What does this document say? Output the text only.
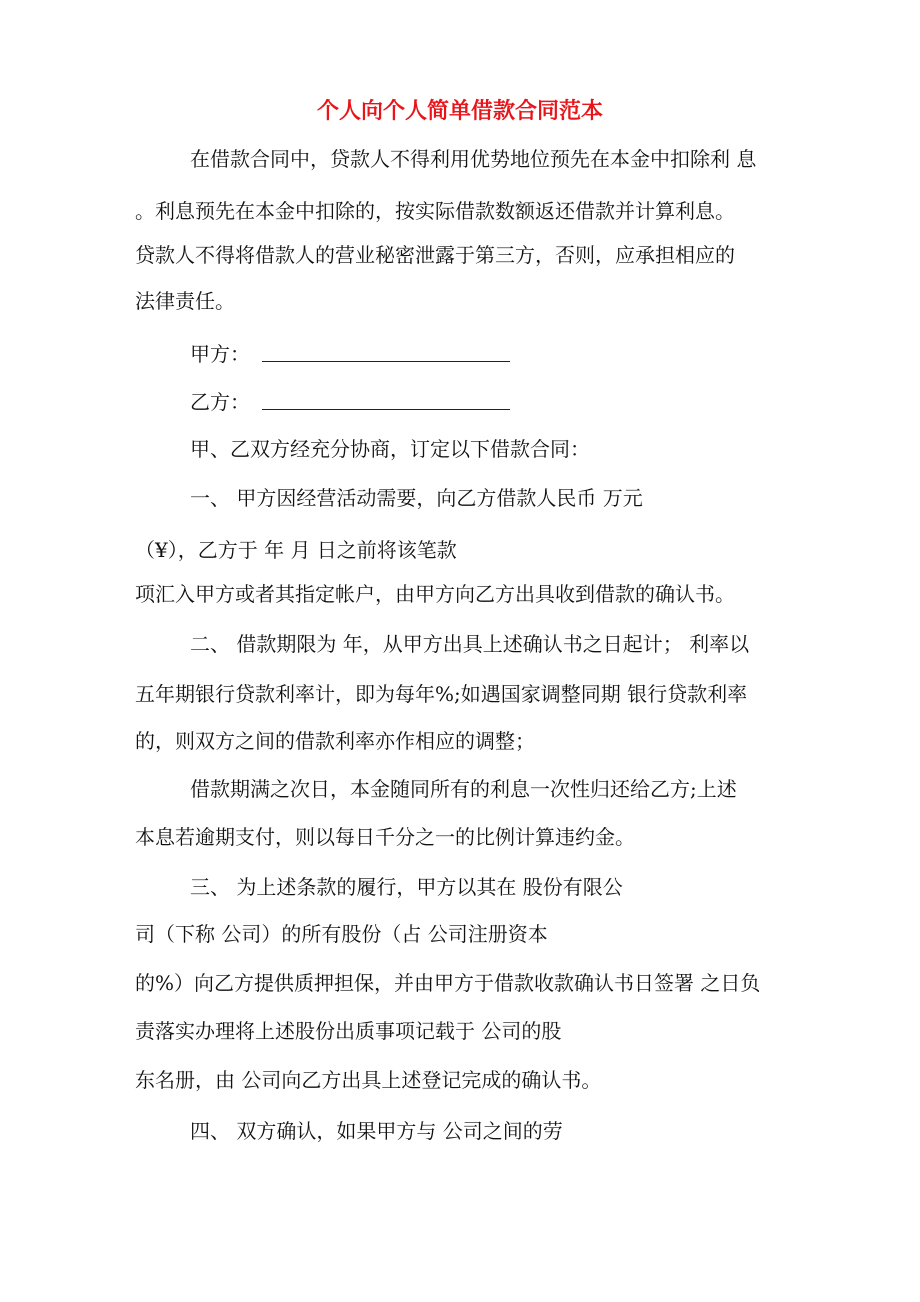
个人向个人简单借款合同范本

在借款合同中，贷款人不得利用优势地位预先在本金中扣除利 息

。利息预先在本金中扣除的，按实际借款数额返还借款并计算利息。

贷款人不得将借款人的营业秘密泄露于第三方，否则，应承担相应的

法律责任。

甲方：

乙方：

甲、乙双方经充分协商，订定以下借款合同：

一、 甲方因经营活动需要，向乙方借款人民币 万元

（¥），乙方于 年 月 日之前将该笔款

项汇入甲方或者其指定帐户，由甲方向乙方出具收到借款的确认书。

二、 借款期限为 年，从甲方出具上述确认书之日起计； 利率以

五年期银行贷款利率计，即为每年%;如遇国家调整同期 银行贷款利率

的，则双方之间的借款利率亦作相应的调整；

借款期满之次日，本金随同所有的利息一次性归还给乙方;上述

本息若逾期支付，则以每日千分之一的比例计算违约金。

三、 为上述条款的履行，甲方以其在 股份有限公

司（下称 公司）的所有股份（占 公司注册资本

的%）向乙方提供质押担保，并由甲方于借款收款确认书日签署 之日负

责落实办理将上述股份出质事项记载于 公司的股

东名册，由 公司向乙方出具上述登记完成的确认书。

四、 双方确认，如果甲方与 公司之间的劳
